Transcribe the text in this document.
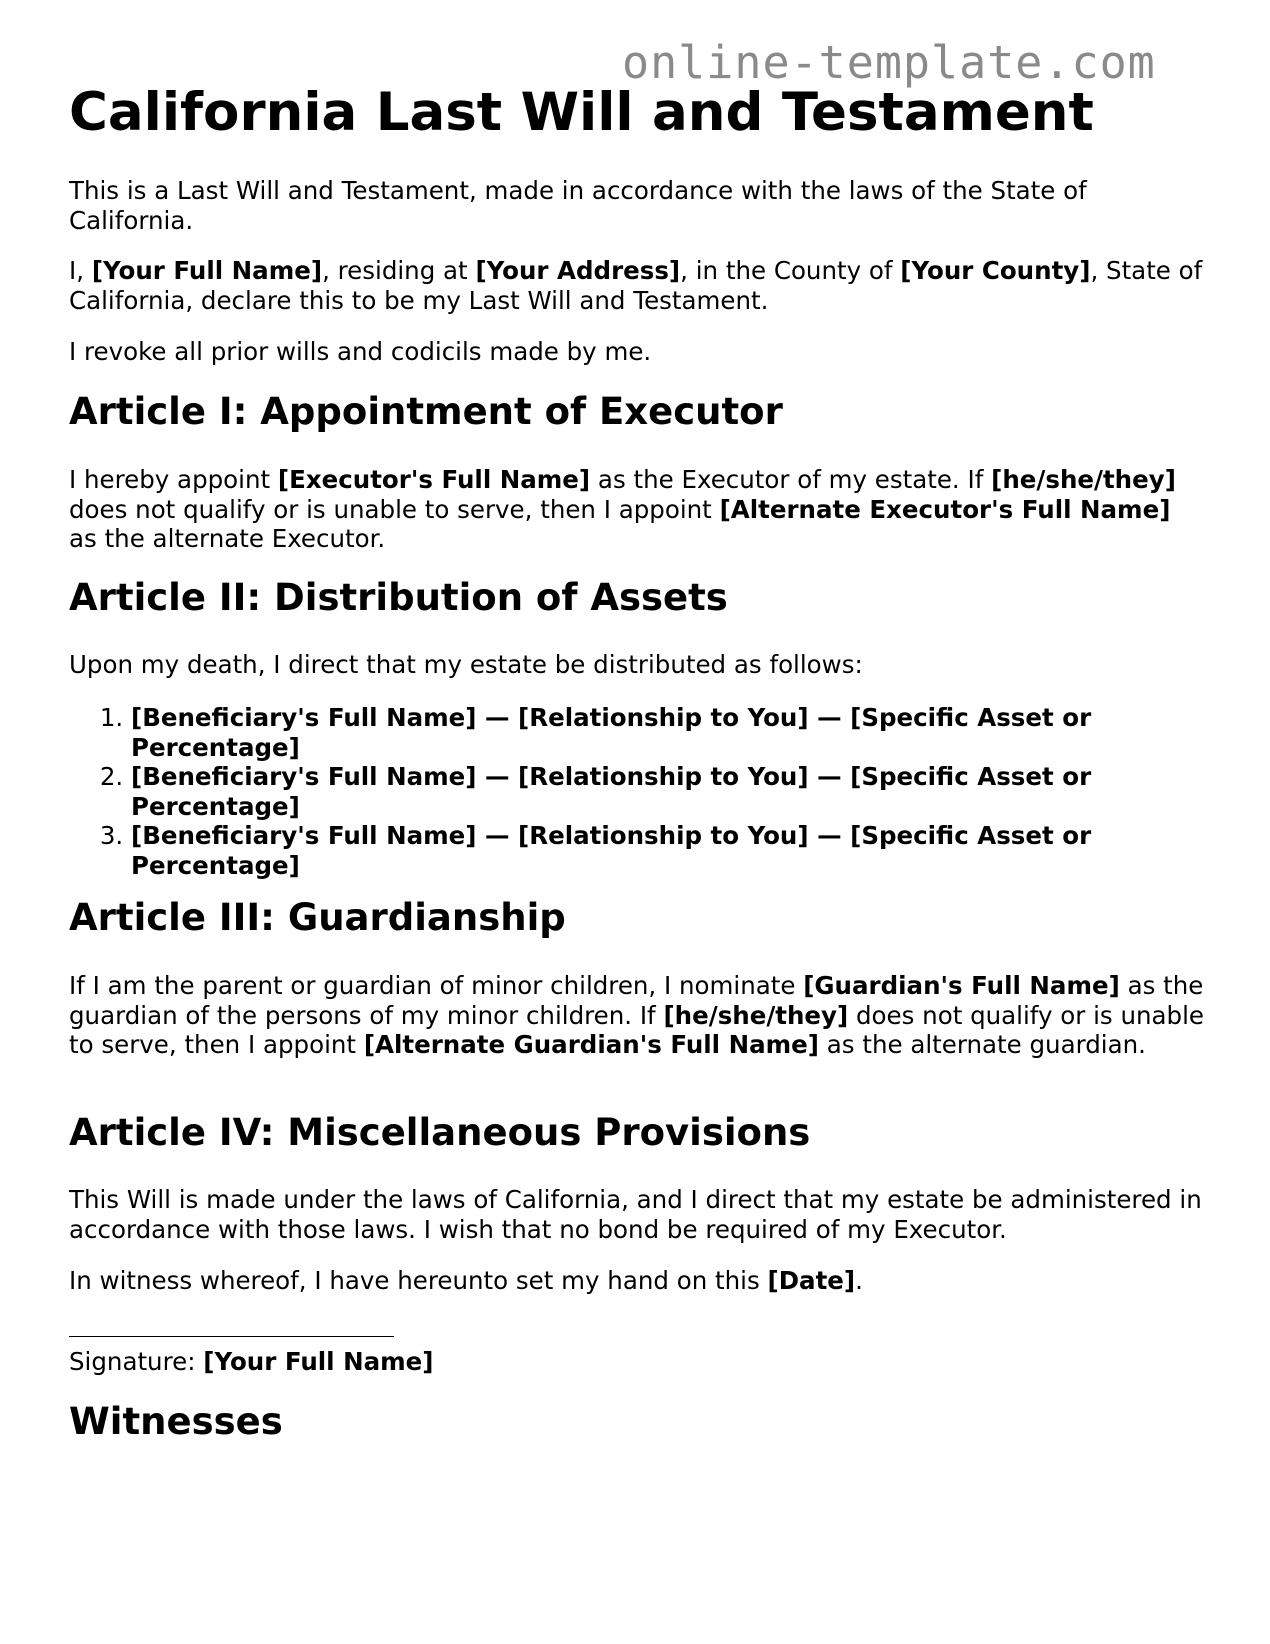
online-template.com
California Last Will and Testament

This is a Last Will and Testament, made in accordance with the laws of the State of California.

I, [Your Full Name], residing at [Your Address], in the County of [Your County], State of California, declare this to be my Last Will and Testament.

I revoke all prior wills and codicils made by me.

Article I: Appointment of Executor

I hereby appoint [Executor's Full Name] as the Executor of my estate. If [he/she/they] does not qualify or is unable to serve, then I appoint [Alternate Executor's Full Name] as the alternate Executor.

Article II: Distribution of Assets

Upon my death, I direct that my estate be distributed as follows:

1. [Beneficiary's Full Name] — [Relationship to You] — [Specific Asset or Percentage]
2. [Beneficiary's Full Name] — [Relationship to You] — [Specific Asset or Percentage]
3. [Beneficiary's Full Name] — [Relationship to You] — [Specific Asset or Percentage]
Article III: Guardianship

If I am the parent or guardian of minor children, I nominate [Guardian's Full Name] as the guardian of the persons of my minor children. If [he/she/they] does not qualify or is unable to serve, then I appoint [Alternate Guardian's Full Name] as the alternate guardian.

Article IV: Miscellaneous Provisions

This Will is made under the laws of California, and I direct that my estate be administered in accordance with those laws. I wish that no bond be required of my Executor.

In witness whereof, I have hereunto set my hand on this [Date].

Signature: [Your Full Name]

Witnesses
